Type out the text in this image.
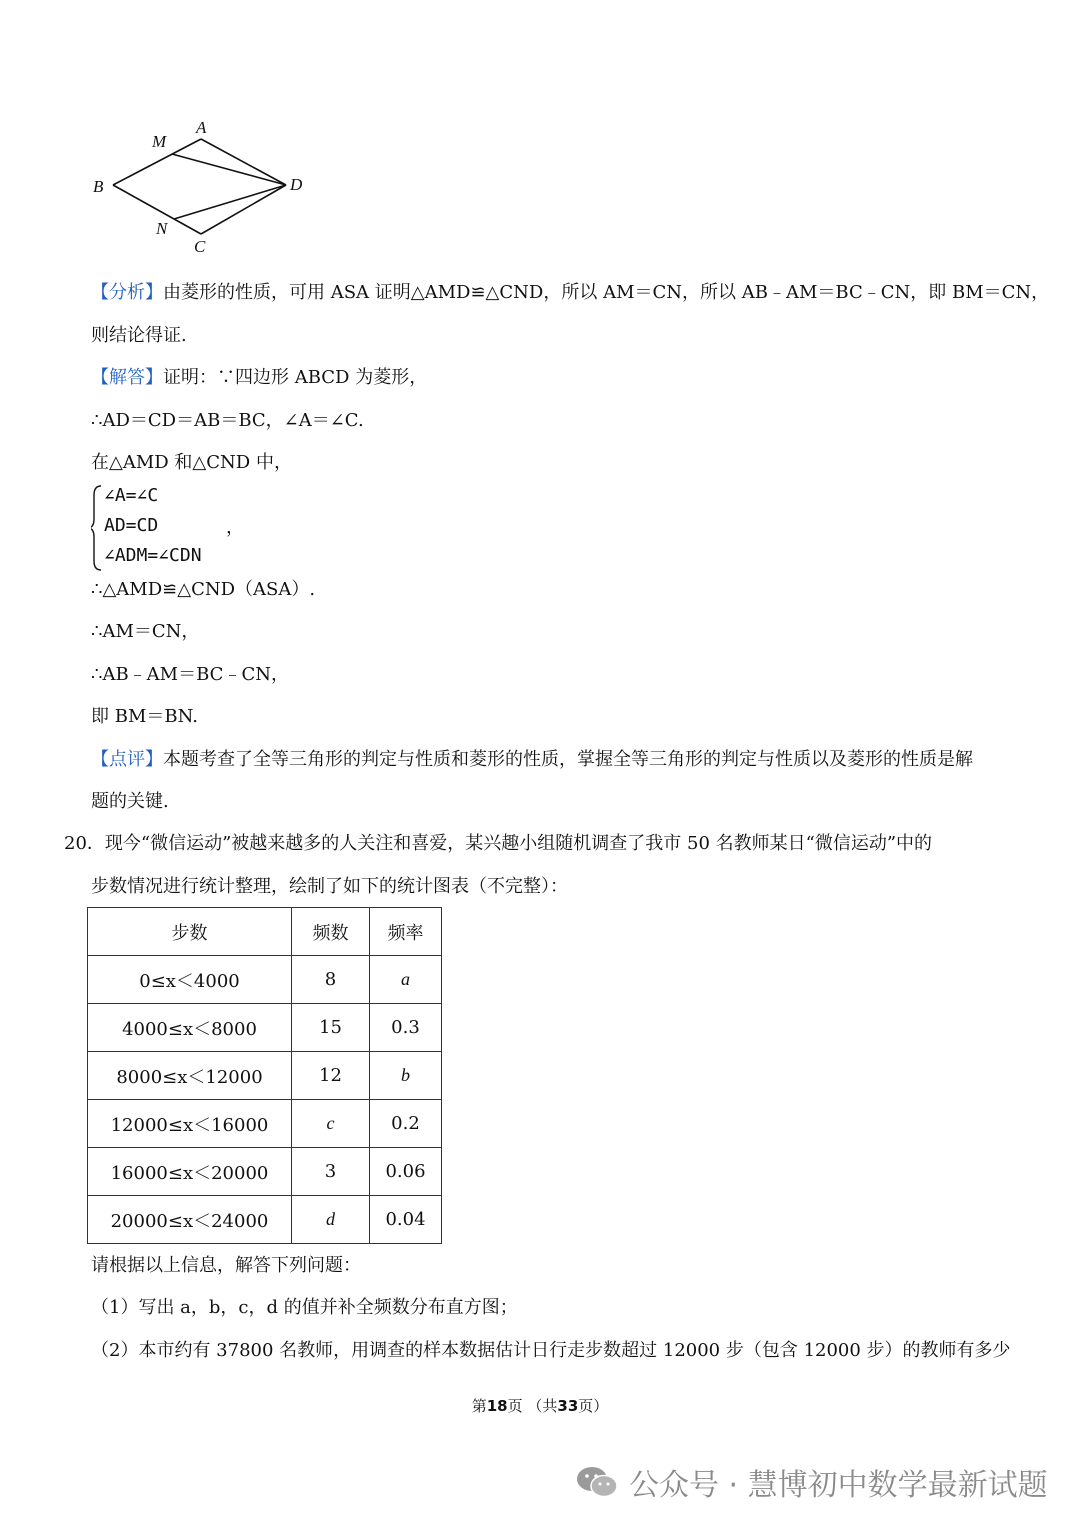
A
M
B	D
N
C
【分析】由菱形的性质，可用 ASA 证明△AMD≌△CND，所以 AM＝CN，所以 AB﹣AM＝BC﹣CN，即 BM＝CN，
则结论得证.
【解答】证明：∵四边形 ABCD 为菱形，
∴AD＝CD＝AB＝BC，∠A＝∠C.
在△AMD 和△CND 中，
∠A=∠C
AD=CD
∠ADM=∠CDN
，
∴△AMD≌△CND（ASA）.
∴AM＝CN，
∴AB﹣AM＝BC﹣CN，
即 BM＝BN.
【点评】本题考查了全等三角形的判定与性质和菱形的性质，掌握全等三角形的判定与性质以及菱形的性质是解
题的关键.
20．现今“微信运动”被越来越多的人关注和喜爱，某兴趣小组随机调查了我市 50 名教师某日“微信运动”中的
步数情况进行统计整理，绘制了如下的统计图表（不完整）：
步数	频数	频率
0≤x＜4000	8	a
4000≤x＜8000	15	0.3
8000≤x＜12000	12	b
12000≤x＜16000	c	0.2
16000≤x＜20000	3	0.06
20000≤x＜24000	d	0.04
请根据以上信息，解答下列问题：
（1）写出 a，b，c，d 的值并补全频数分布直方图；
（2）本市约有 37800 名教师，用调查的样本数据估计日行走步数超过 12000 步（包含 12000 步）的教师有多少
第18页 （共33页）
公众号 · 慧博初中数学最新试题
